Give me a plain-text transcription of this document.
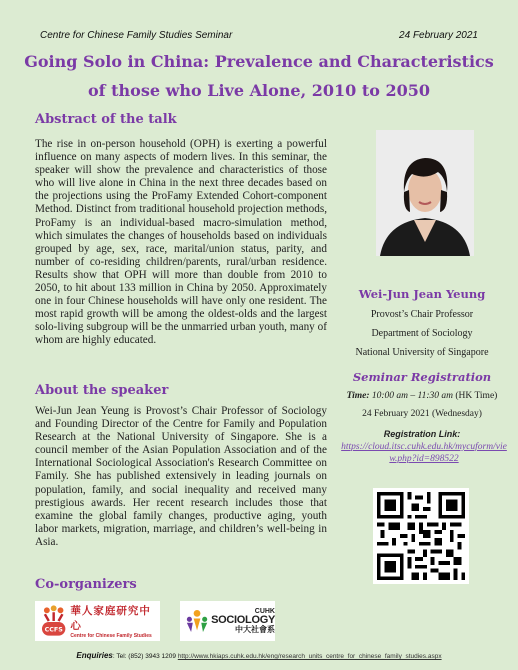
Centre for Chinese Family Studies Seminar	24 February 2021
Going Solo in China: Prevalence and Characteristics
of those who Live Alone, 2010 to 2050
Abstract of the talk
The rise in on-person household (OPH) is exerting a powerful influence on many aspects of modern lives. In this seminar, the speaker will show the prevalence and characteristics of those who will live alone in China in the next three decades based on the projections using the ProFamy Extended Cohort-component Method. Distinct from traditional household projection methods, ProFamy is an individual-based macro-simulation method, which simulates the changes of households based on individuals grouped by age, sex, race, marital/union status, parity, and number of co-residing children/parents, rural/urban residence. Results show that OPH will more than double from 2010 to 2050, to hit about 133 million in China by 2050. Approximately one in four Chinese households will have only one resident. The most rapid growth will be among the oldest-olds and the largest solo-living subgroup will be the unmarried urban youth, many of whom are highly educated.
About the speaker
Wei-Jun Jean Yeung is Provost’s Chair Professor of Sociology and Founding Director of the Centre for Family and Population Research at the National University of Singapore. She is a council member of the Asian Population Association and of the International Sociological Association's Research Committee on Family. She has published extensively in leading journals on population, family, and social inequality and received many prestigious awards. Her recent research includes those that examine the global family changes, productive aging, youth labor markets, migration, marriage, and children’s well-being in Asia.
Wei-Jun Jean Yeung
Provost’s Chair Professor
Department of Sociology
National University of Singapore
Seminar Registration
Time: 10:00 am – 11:30 am (HK Time)
24 February 2021 (Wednesday)
Registration Link:
https://cloud.itsc.cuhk.edu.hk/mycuform/view.php?id=898522
Co-organizers
CCFS
華人家庭研究中心
Centre for Chinese Family Studies
CUHK
SOCIOLOGY
中大社會系
Enquiries: Tel: (852) 3943 1209 http://www.hkiaps.cuhk.edu.hk/eng/research_units_centre_for_chinese_family_studies.aspx
